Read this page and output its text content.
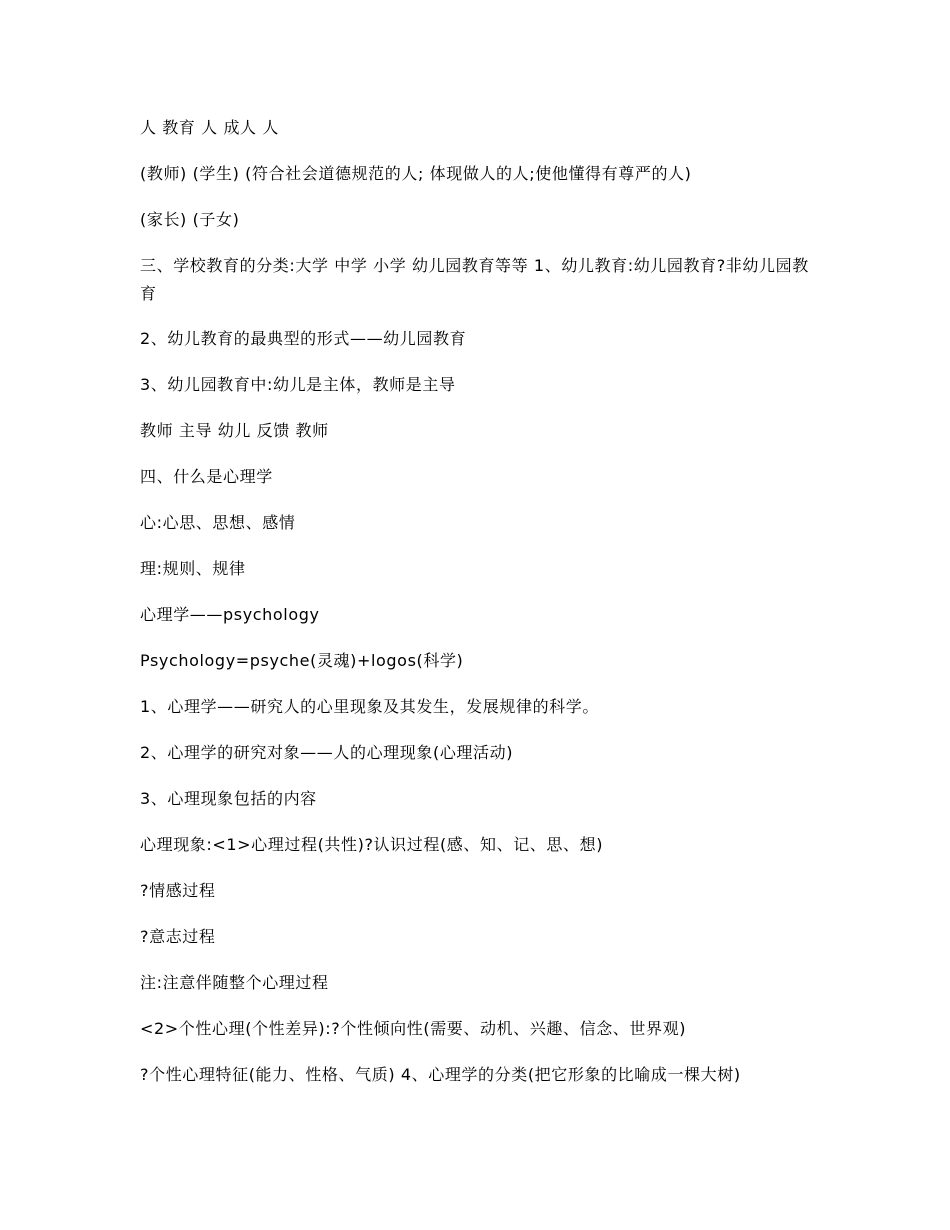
人 教育 人 成人 人

(教师) (学生) (符合社会道德规范的人; 体现做人的人;使他懂得有尊严的人)

(家长) (子女)

三、学校教育的分类:大学 中学 小学 幼儿园教育等等 1、幼儿教育:幼儿园教育?非幼儿园教育

2、幼儿教育的最典型的形式——幼儿园教育

3、幼儿园教育中:幼儿是主体，教师是主导

教师 主导 幼儿 反馈 教师

四、什么是心理学

心:心思、思想、感情

理:规则、规律

心理学——psychology

Psychology=psyche(灵魂)+logos(科学)

1、心理学——研究人的心里现象及其发生，发展规律的科学。

2、心理学的研究对象——人的心理现象(心理活动)

3、心理现象包括的内容

心理现象:<1>心理过程(共性)?认识过程(感、知、记、思、想)

?情感过程

?意志过程

注:注意伴随整个心理过程

<2>个性心理(个性差异):?个性倾向性(需要、动机、兴趣、信念、世界观)

?个性心理特征(能力、性格、气质) 4、心理学的分类(把它形象的比喻成一棵大树)
